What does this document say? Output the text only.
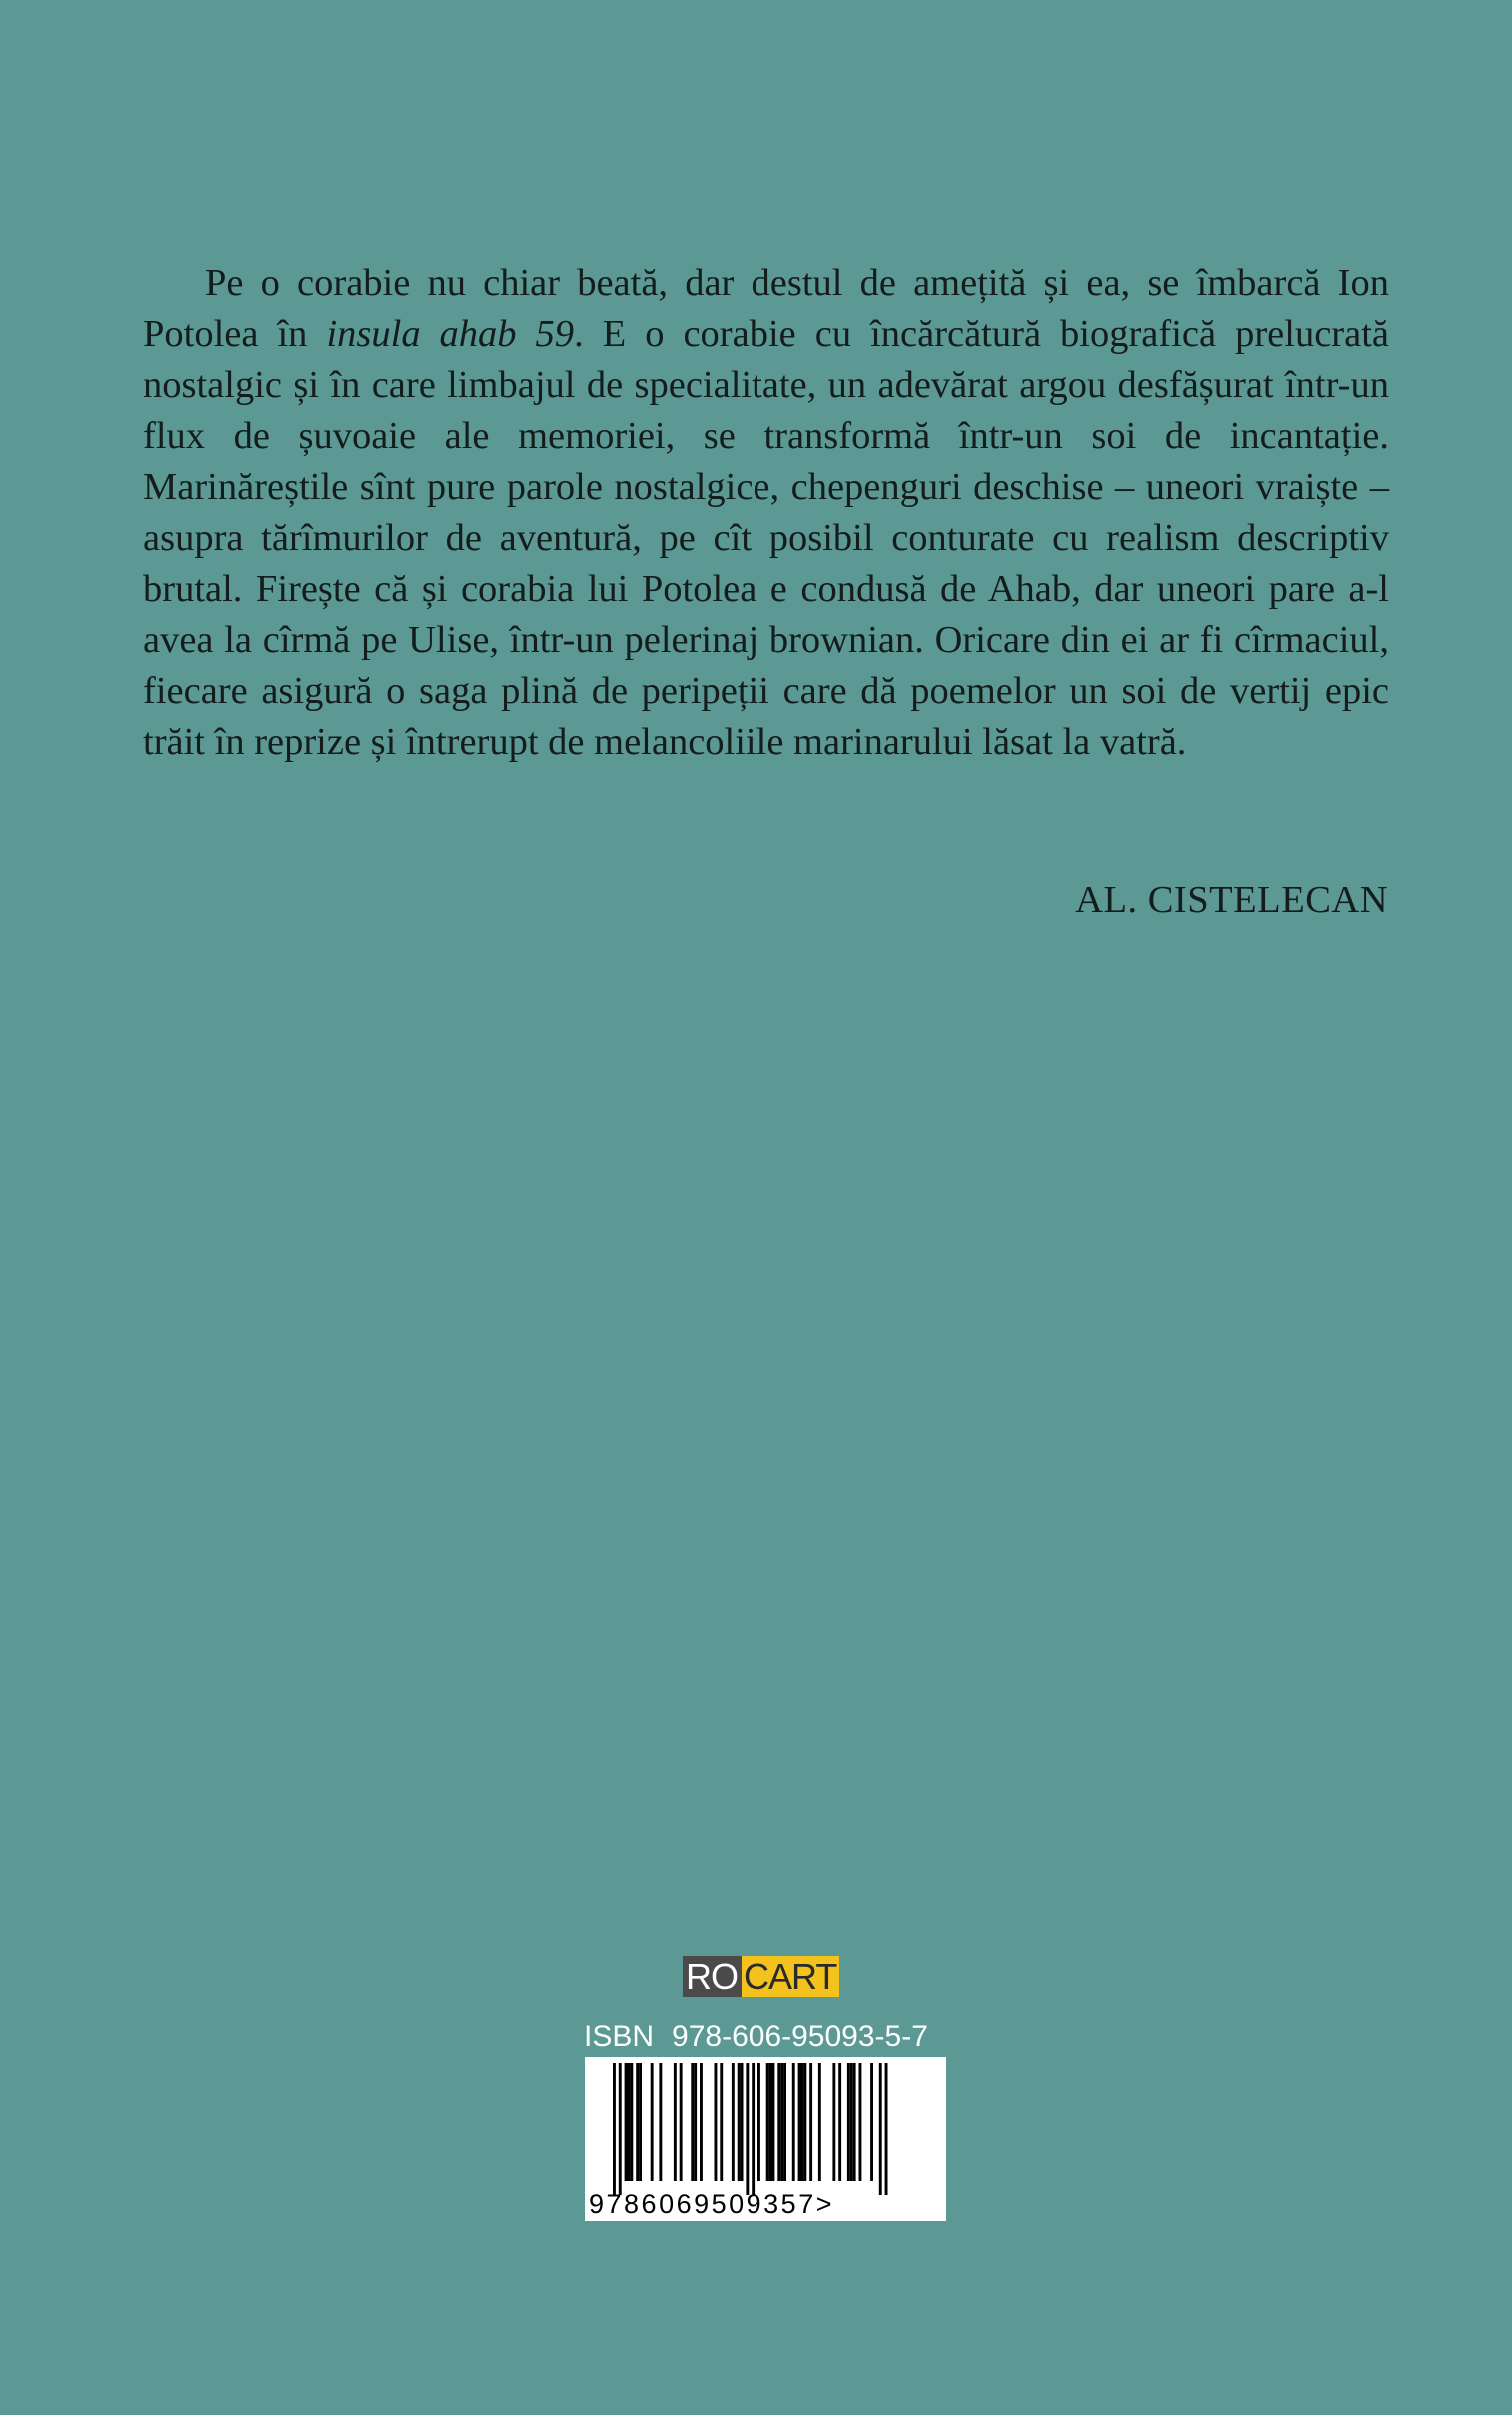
Pe o corabie nu chiar beată, dar destul de amețită și ea, se îmbarcă Ion Potolea în insula ahab 59. E o corabie cu încărcătură biografică prelucrată nostalgic și în care limbajul de specialitate, un adevărat argou desfășurat într-un flux de șuvoaie ale memoriei, se transformă într-un soi de incantație. Marinăreștile sînt pure parole nostalgice, chepenguri deschise – uneori vraiște – asupra tărîmurilor de aventură, pe cît posibil conturate cu realism descriptiv brutal. Firește că și corabia lui Potolea e condusă de Ahab, dar uneori pare a-l avea la cîrmă pe Ulise, într-un pelerinaj brownian. Oricare din ei ar fi cîrmaciul, fiecare asigură o saga plină de peripeții care dă poemelor un soi de vertij epic trăit în reprize și întrerupt de melancoliile marinarului lăsat la vatră.
AL. CISTELECAN
RO CART
ISBN 978-606-95093-5-7
9786069509357>
